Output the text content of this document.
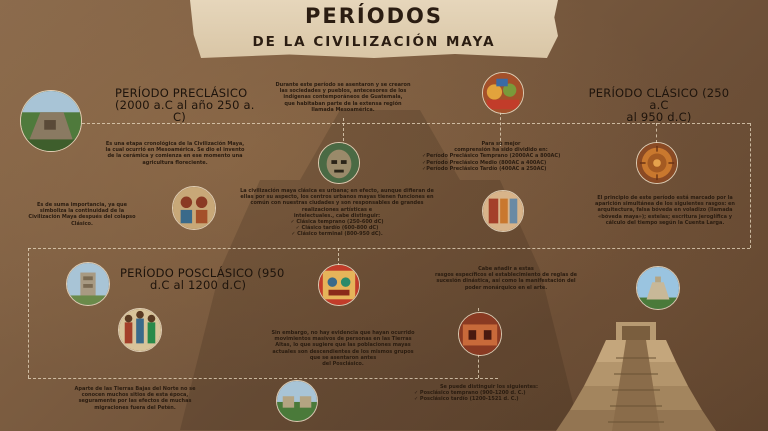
PERÍODOS
DE LA CIVILIZACIÓN MAYA
PERÍODO PRECLÁSICO
(2000 a.C al año 250 a.
C)
PERÍODO CLÁSICO (250 a.C
al 950 d.C)
PERÍODO POSCLÁSICO (950
d.C al 1200 d.C)
Durante este período se asentaron y se crearon
las sociedades y pueblos, antecesores de los
indígenas contemporáneos de Guatemala,
que habitaban parte de la extensa región
llamada Mesoamérica.
Es una etapa cronológica de la Civilización Maya,
la cual ocurrió en Mesoamérica. Se dio el invento
de la cerámica y comienza en ese momento una
agricultura floreciente.
Para su mejor
comprensión ha sido dividido en:
✓Período Preclásico Temprano (2000AC a 800AC)
✓Período Preclásico Medio (800AC a 400AC)
✓Período Preclásico Tardío (400AC a 250AC)
Es de suma importancia, ya que
simboliza la continuidad de la
Civilización Maya después del colapso
Clásico.
La civilización maya clásica es urbana; en efecto, aunque difieran de
ellas por su aspecto, los centros urbanos mayas tienen funciones en
común con nuestras ciudades y son responsables de grandes
realizaciones artísticas e
intelectuales., cabe distinguir:
✓ Clásica temprano (250-600 dC)
✓ Clásico tardío (600-800 dC)
✓ Clásico terminal (800-950 dC).
El principio de este período está marcado por la
aparición simultánea de los siguientes rasgos: en
arquitectura, falsa bóveda en voladizo (llamada
«bóveda maya»); estelas; escritura jeroglífica y
cálculo del tiempo según la Cuenta Larga.
Cabe añadir a estas
rasgos específicos el establecimiento de reglas de
sucesión dinástica, así como la manifestación del
poder monárquico en el arte.
Sin embargo, no hay evidencia que hayan ocurrido
movimientos masivos de personas en las Tierras
Altas, lo que sugiere que las poblaciones mayas
actuales son descendientes de los mismos grupos
que se asentaron antes
del Posclásico.
Aparte de las Tierras Bajas del Norte no se
conocen muchos sitios de esta época,
seguramente por las efectos de muchas
migraciones fuera del Petén.
Se puede distinguir los siguientes:
✓ Posclásico temprano (900-1200 d. C.)
✓ Posclásico tardío (1200-1521 d. C.)
